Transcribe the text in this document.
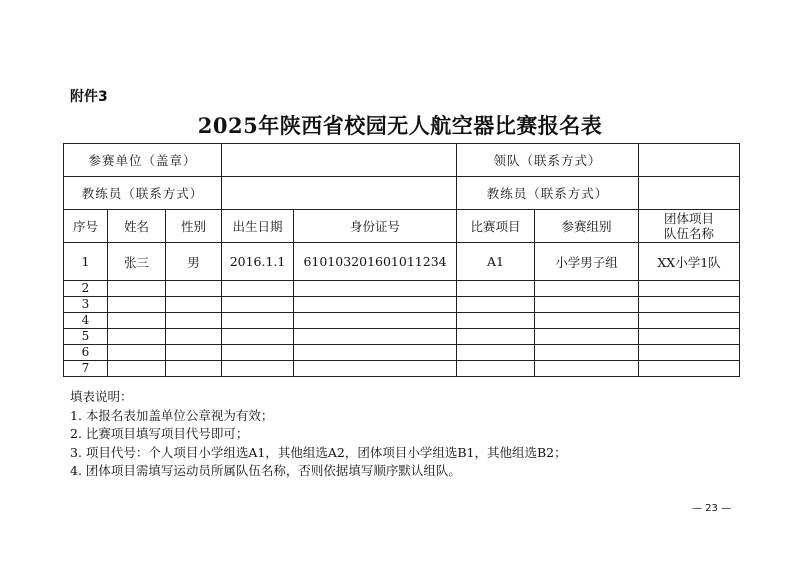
附件3
2025年陕西省校园无人航空器比赛报名表
参赛单位（盖章）					领队（联系方式）		
教练员（联系方式）					教练员（联系方式）		
序号	姓名	性别	出生日期	身份证号	比赛项目	参赛组别	团体项目
队伍名称

1	张三	男	2016.1.1	610103201601011234	A1	小学男子组	XX小学1队
2							
3							
4							
5							
6							
7							
填表说明：
1. 本报名表加盖单位公章视为有效；
2. 比赛项目填写项目代号即可；
3. 项目代号：个人项目小学组选A1，其他组选A2，团体项目小学组选B1，其他组选B2；
4. 团体项目需填写运动员所属队伍名称，否则依据填写顺序默认组队。
— 23 —
